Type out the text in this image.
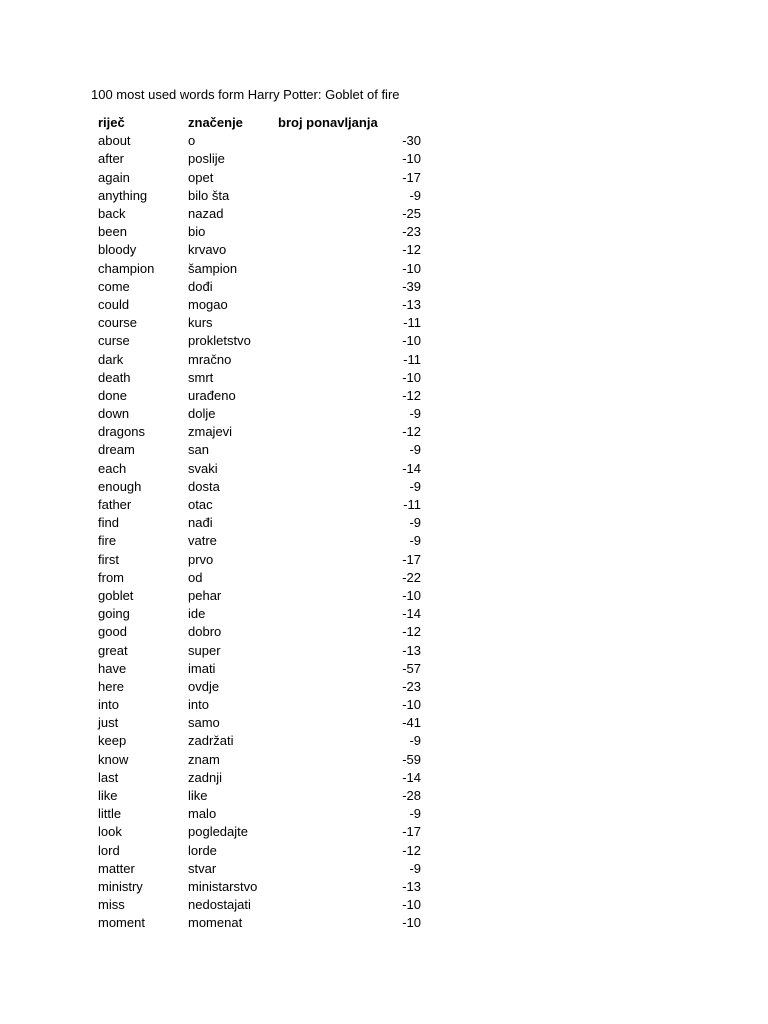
100 most used words form Harry Potter: Goblet of fire
riječ	značenje	broj ponavljanja
about	o	-30
after	poslije	-10
again	opet	-17
anything	bilo šta	-9
back	nazad	-25
been	bio	-23
bloody	krvavo	-12
champion	šampion	-10
come	dođi	-39
could	mogao	-13
course	kurs	-11
curse	prokletstvo	-10
dark	mračno	-11
death	smrt	-10
done	urađeno	-12
down	dolje	-9
dragons	zmajevi	-12
dream	san	-9
each	svaki	-14
enough	dosta	-9
father	otac	-11
find	nađi	-9
fire	vatre	-9
first	prvo	-17
from	od	-22
goblet	pehar	-10
going	ide	-14
good	dobro	-12
great	super	-13
have	imati	-57
here	ovdje	-23
into	into	-10
just	samo	-41
keep	zadržati	-9
know	znam	-59
last	zadnji	-14
like	like	-28
little	malo	-9
look	pogledajte	-17
lord	lorde	-12
matter	stvar	-9
ministry	ministarstvo	-13
miss	nedostajati	-10
moment	momenat	-10
